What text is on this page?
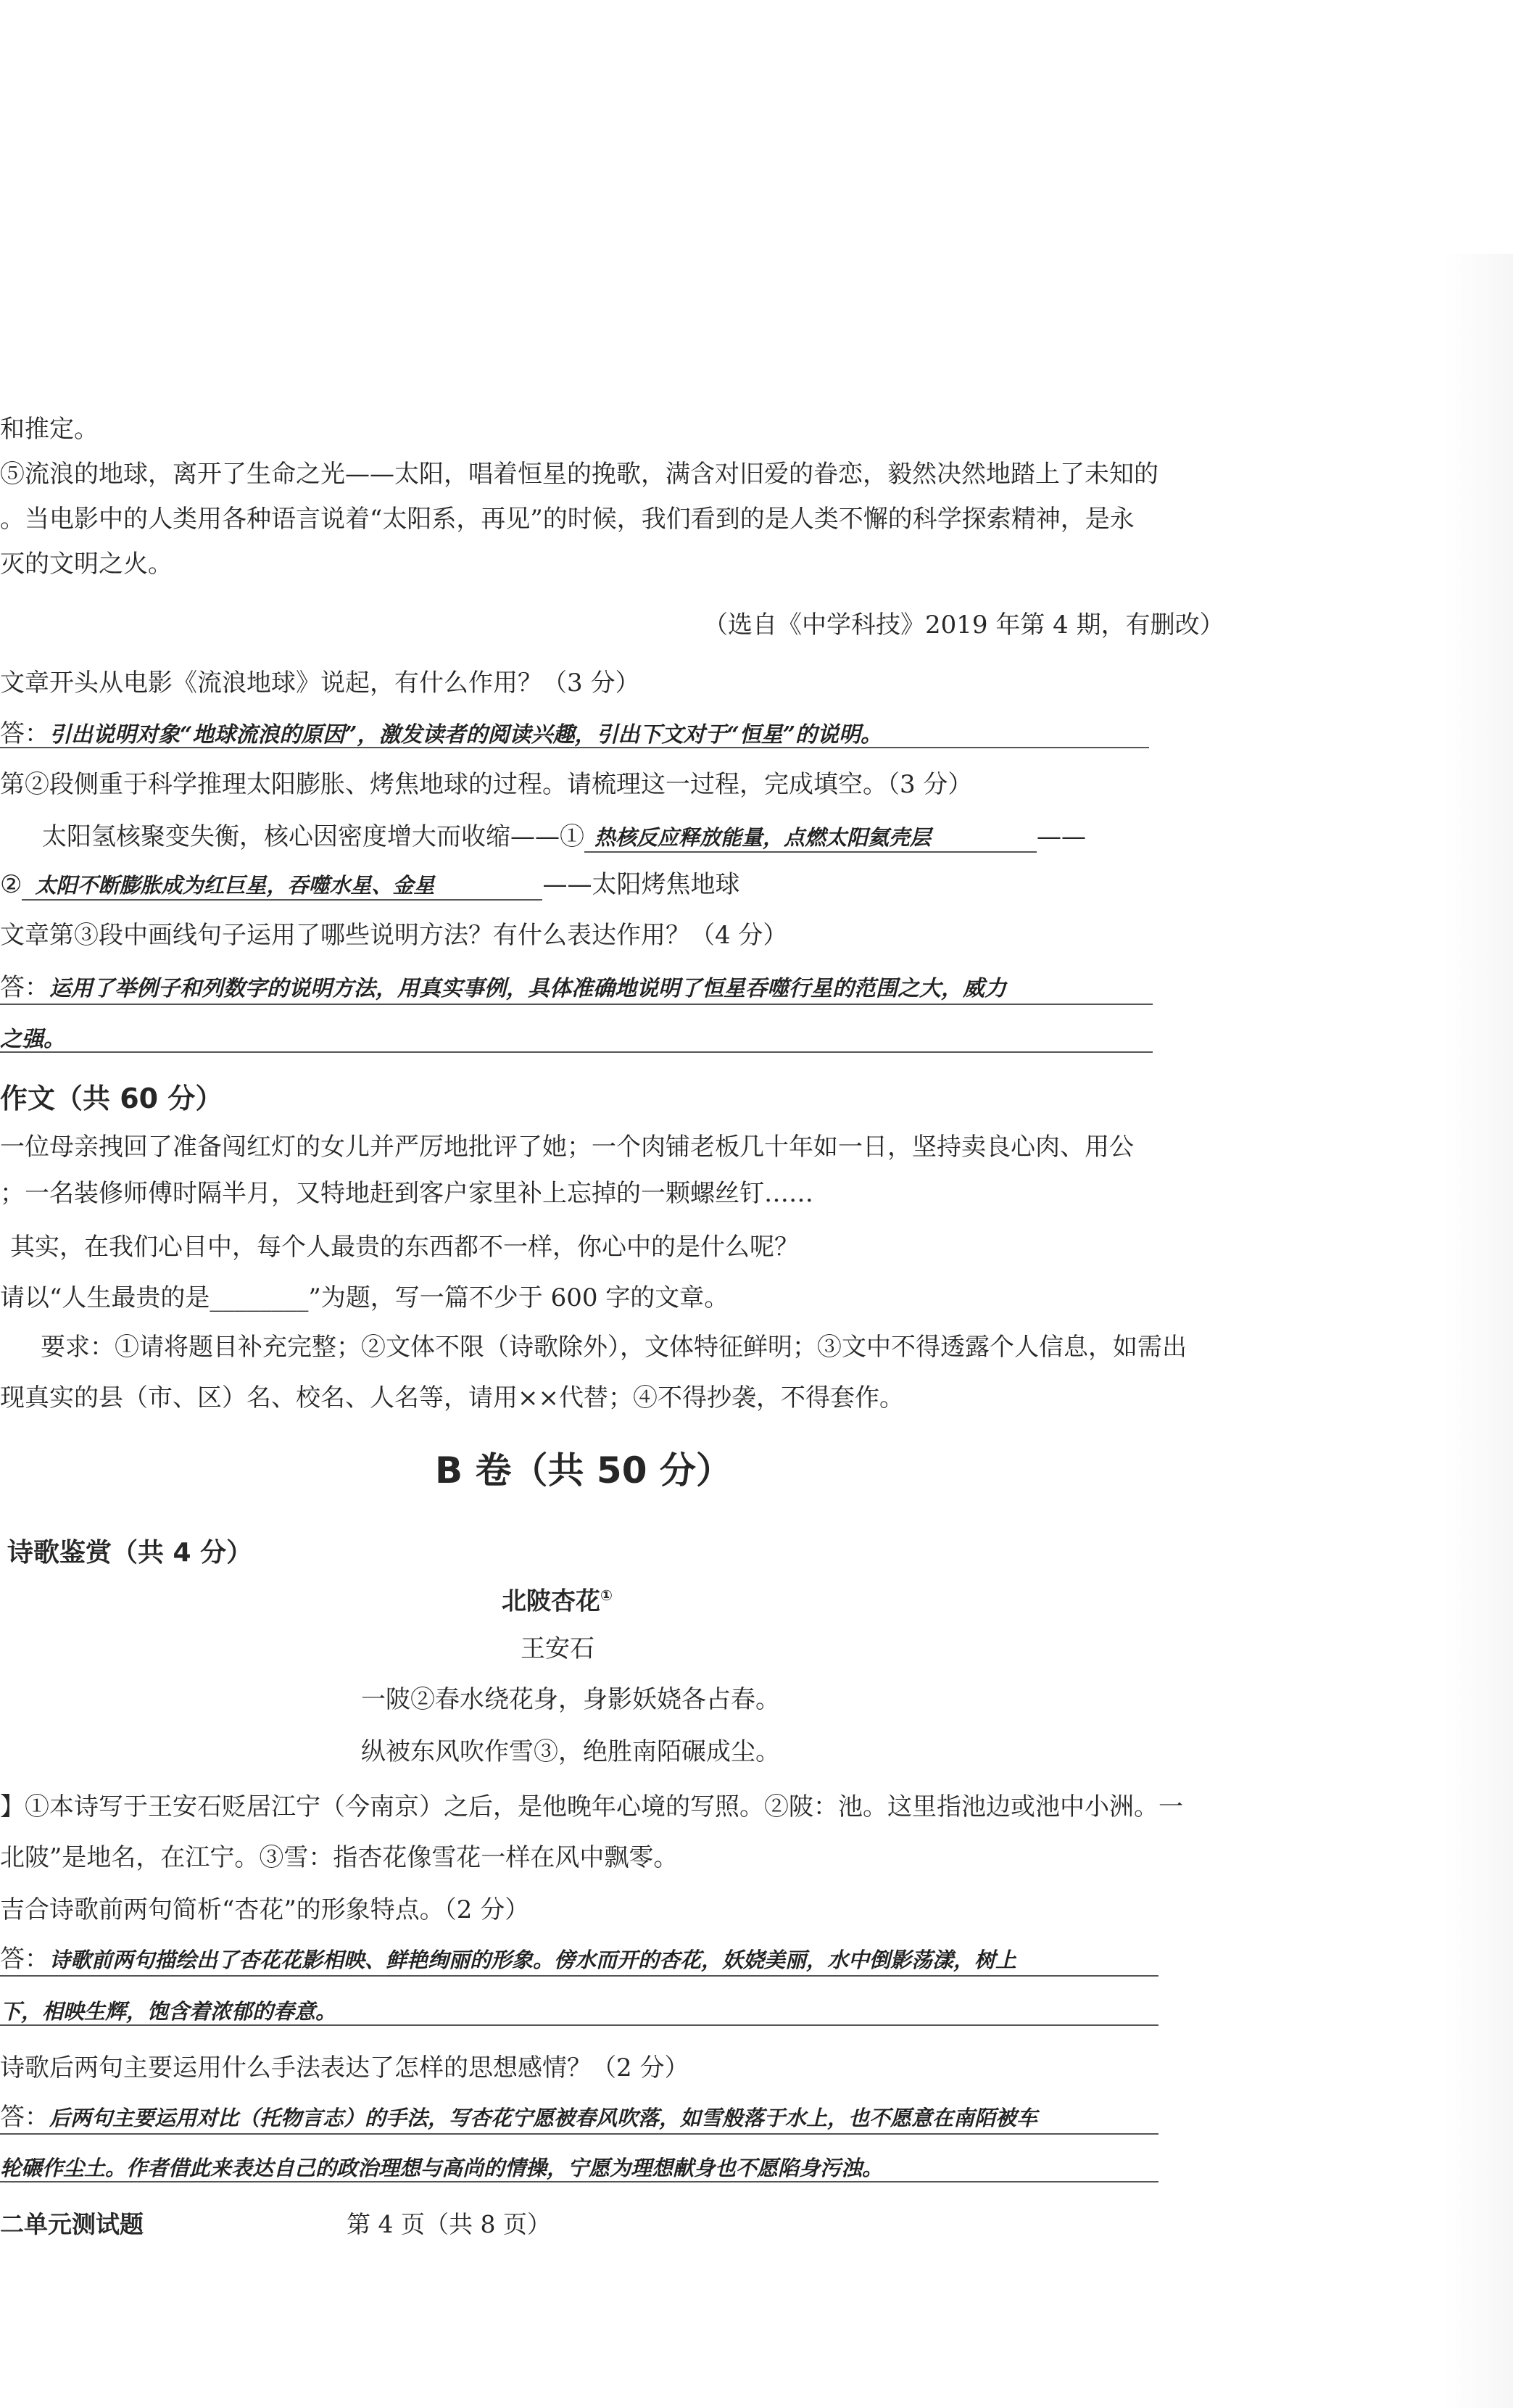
和推定。
⑤流浪的地球，离开了生命之光——太阳，唱着恒星的挽歌，满含对旧爱的眷恋，毅然决然地踏上了未知的
。当电影中的人类用各种语言说着“太阳系，再见”的时候，我们看到的是人类不懈的科学探索精神，是永
灭的文明之火。
（选自《中学科技》2019 年第 4 期，有删改）
文章开头从电影《流浪地球》说起，有什么作用？（3 分）
答：引出说明对象“地球流浪的原因”，激发读者的阅读兴趣，引出下文对于“恒星”的说明。
第②段侧重于科学推理太阳膨胀、烤焦地球的过程。请梳理这一过程，完成填空。（3 分）
太阳氢核聚变失衡，核心因密度增大而收缩——① 热核反应释放能量，点燃太阳氦壳层	——
② 太阳不断膨胀成为红巨星，吞噬水星、金星	——太阳烤焦地球
文章第③段中画线句子运用了哪些说明方法？有什么表达作用？（4 分）
答：运用了举例子和列数字的说明方法，用真实事例，具体准确地说明了恒星吞噬行星的范围之大，威力
之强。
作文（共 60 分）
一位母亲拽回了准备闯红灯的女儿并严厉地批评了她；一个肉铺老板几十年如一日，坚持卖良心肉、用公
；一名装修师傅时隔半月，又特地赶到客户家里补上忘掉的一颗螺丝钉……
其实，在我们心目中，每个人最贵的东西都不一样，你心中的是什么呢？
请以“人生最贵的是________”为题，写一篇不少于 600 字的文章。
要求：①请将题目补充完整；②文体不限（诗歌除外），文体特征鲜明；③文中不得透露个人信息，如需出
现真实的县（市、区）名、校名、人名等，请用××代替；④不得抄袭，不得套作。
B 卷（共 50 分）
诗歌鉴赏（共 4 分）
北陂杏花①
王安石
一陂②春水绕花身，身影妖娆各占春。
纵被东风吹作雪③，绝胜南陌碾成尘。
】①本诗写于王安石贬居江宁（今南京）之后，是他晚年心境的写照。②陂：池。这里指池边或池中小洲。一
北陂”是地名，在江宁。③雪：指杏花像雪花一样在风中飘零。
吉合诗歌前两句简析“杏花”的形象特点。（2 分）
答：诗歌前两句描绘出了杏花花影相映、鲜艳绚丽的形象。傍水而开的杏花，妖娆美丽，水中倒影荡漾，树上
下，相映生辉，饱含着浓郁的春意。
诗歌后两句主要运用什么手法表达了怎样的思想感情？（2 分）
答：后两句主要运用对比（托物言志）的手法，写杏花宁愿被春风吹落，如雪般落于水上，也不愿意在南陌被车
轮碾作尘土。作者借此来表达自己的政治理想与高尚的情操，宁愿为理想献身也不愿陷身污浊。
二单元测试题	第 4 页（共 8 页）
